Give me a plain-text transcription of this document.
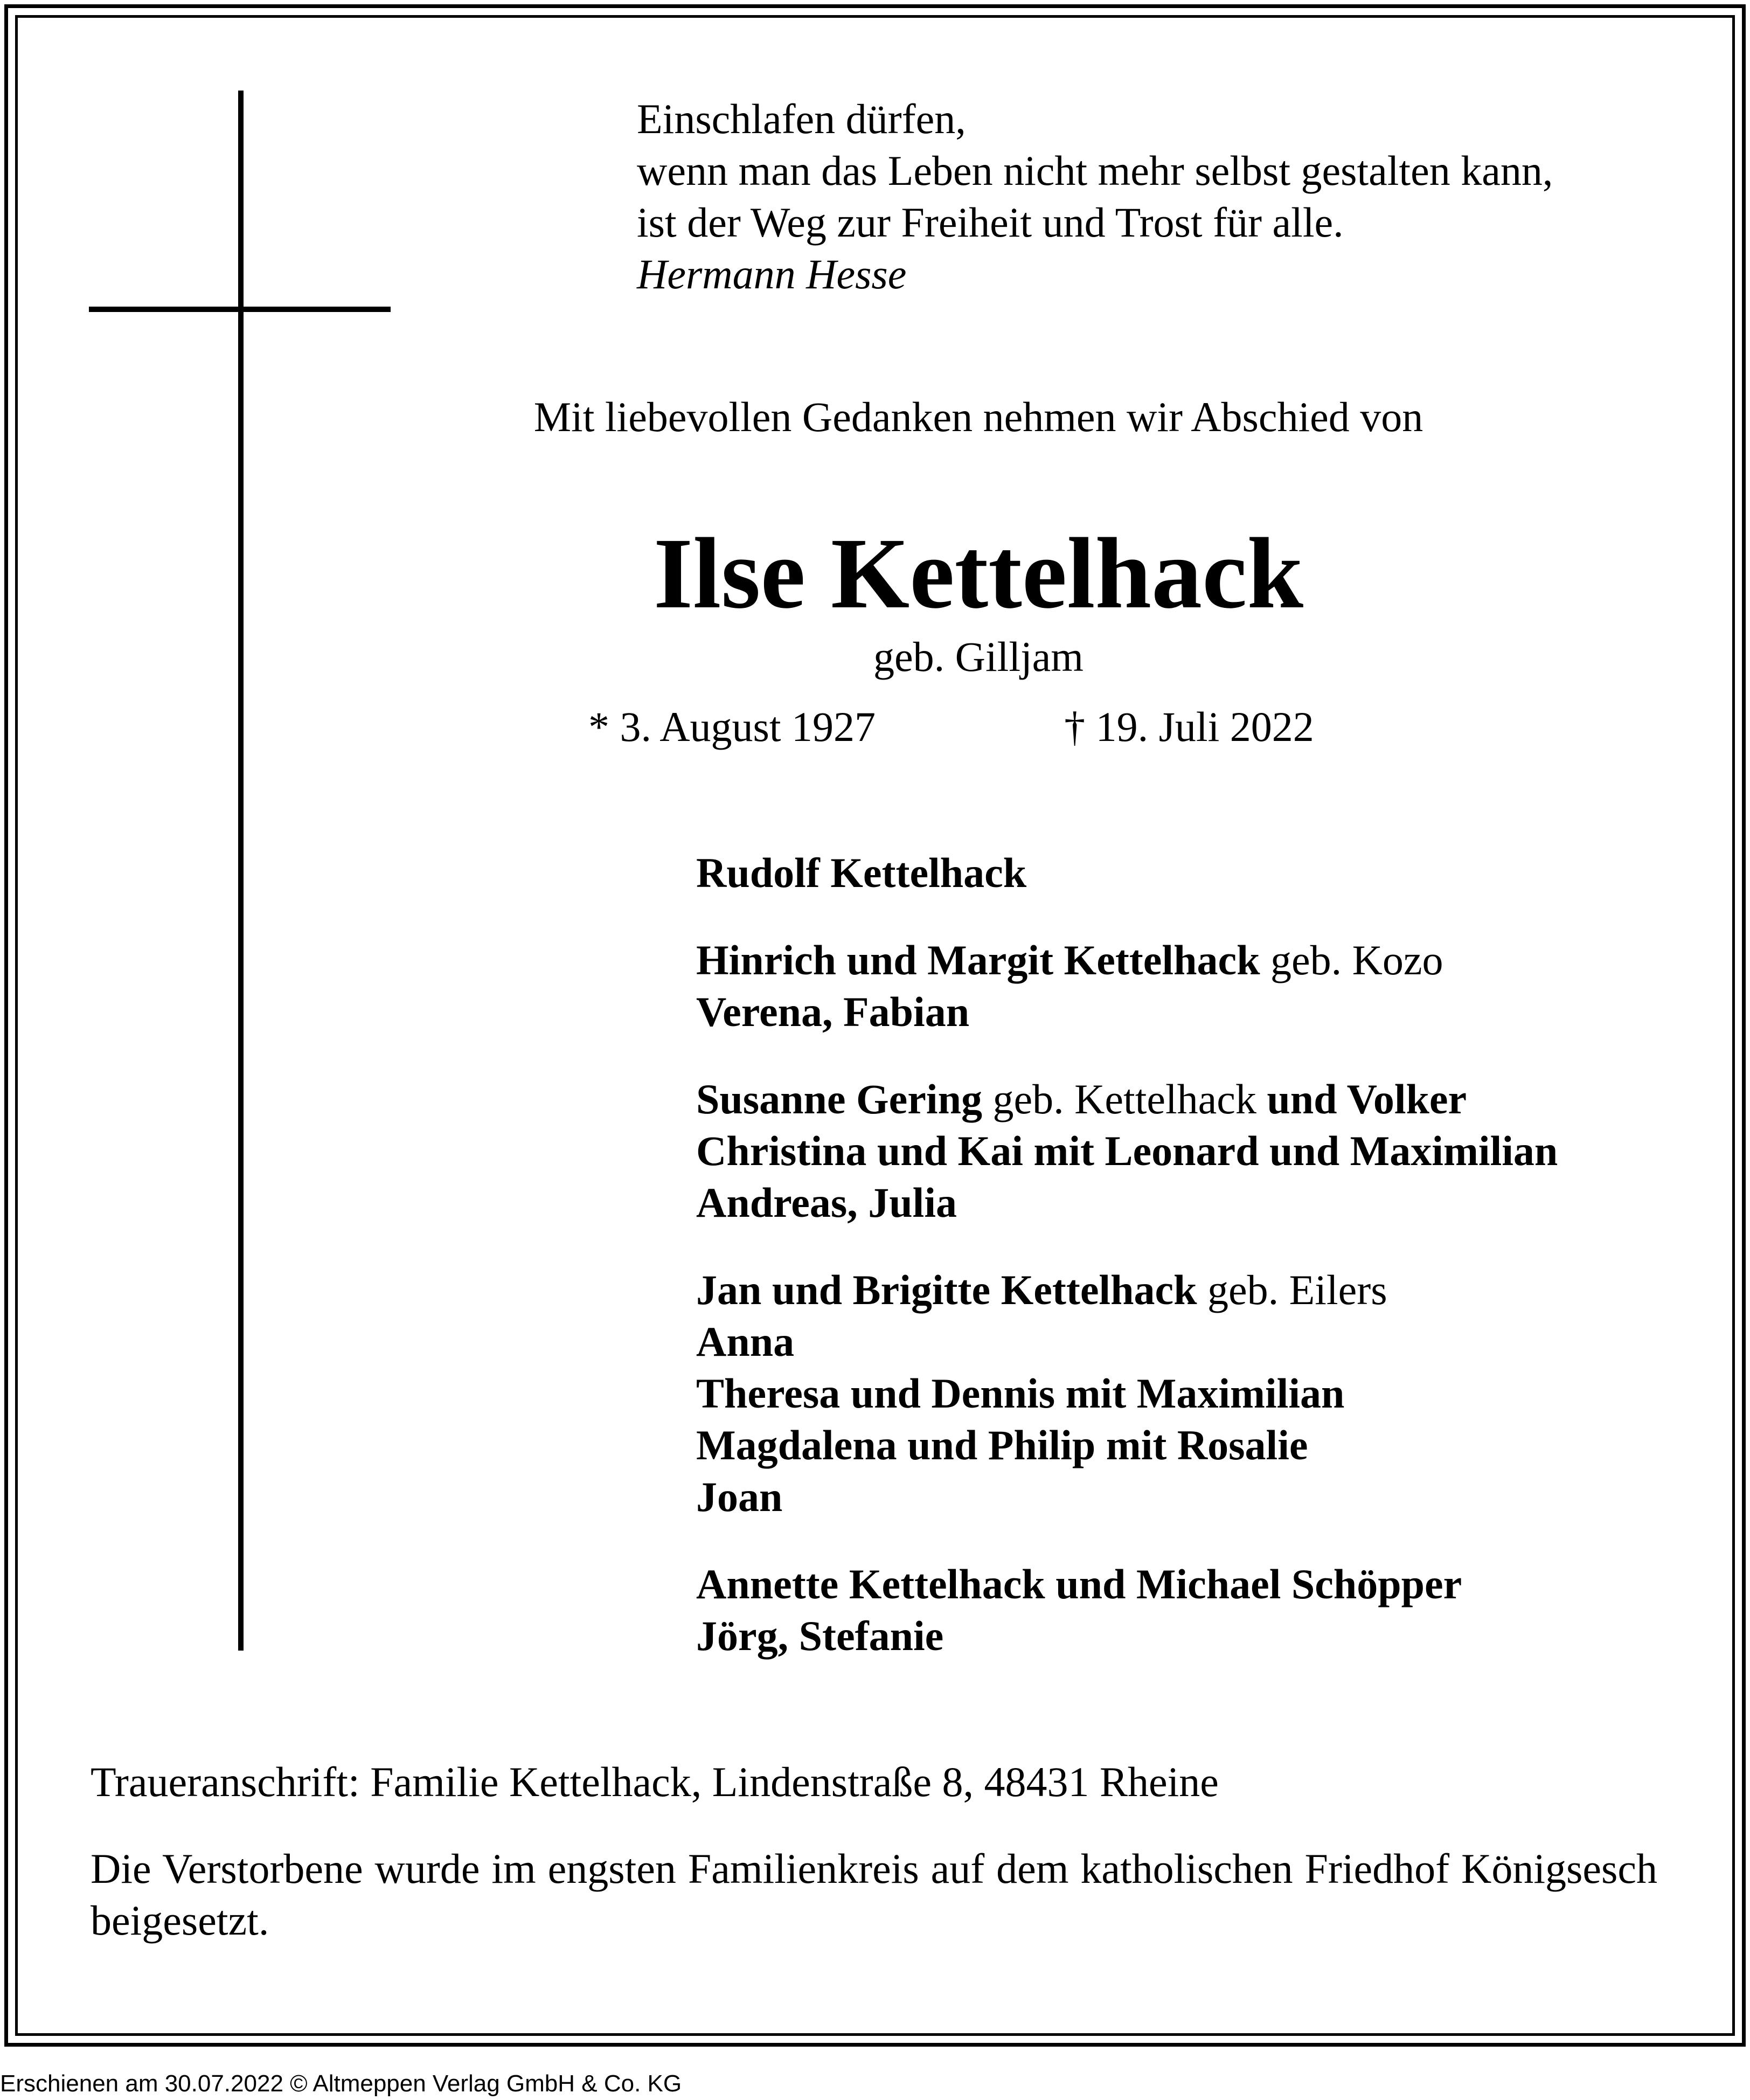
Einschlafen dürfen,
wenn man das Leben nicht mehr selbst gestalten kann,
ist der Weg zur Freiheit und Trost für alle.
Hermann Hesse
Mit liebevollen Gedanken nehmen wir Abschied von
Ilse Kettelhack
geb. Gilljam
* 3. August 1927	† 19. Juli 2022
Rudolf Kettelhack
Hinrich und Margit Kettelhack geb. Kozo
Verena, Fabian
Susanne Gering geb. Kettelhack und Volker
Christina und Kai mit Leonard und Maximilian
Andreas, Julia
Jan und Brigitte Kettelhack geb. Eilers
Anna
Theresa und Dennis mit Maximilian
Magdalena und Philip mit Rosalie
Joan
Annette Kettelhack und Michael Schöpper
Jörg, Stefanie
Traueranschrift: Familie Kettelhack, Lindenstraße 8, 48431 Rheine
Die Verstorbene wurde im engsten Familienkreis auf dem katholischen Friedhof Königsesch beigesetzt.
Erschienen am 30.07.2022 © Altmeppen Verlag GmbH & Co. KG
